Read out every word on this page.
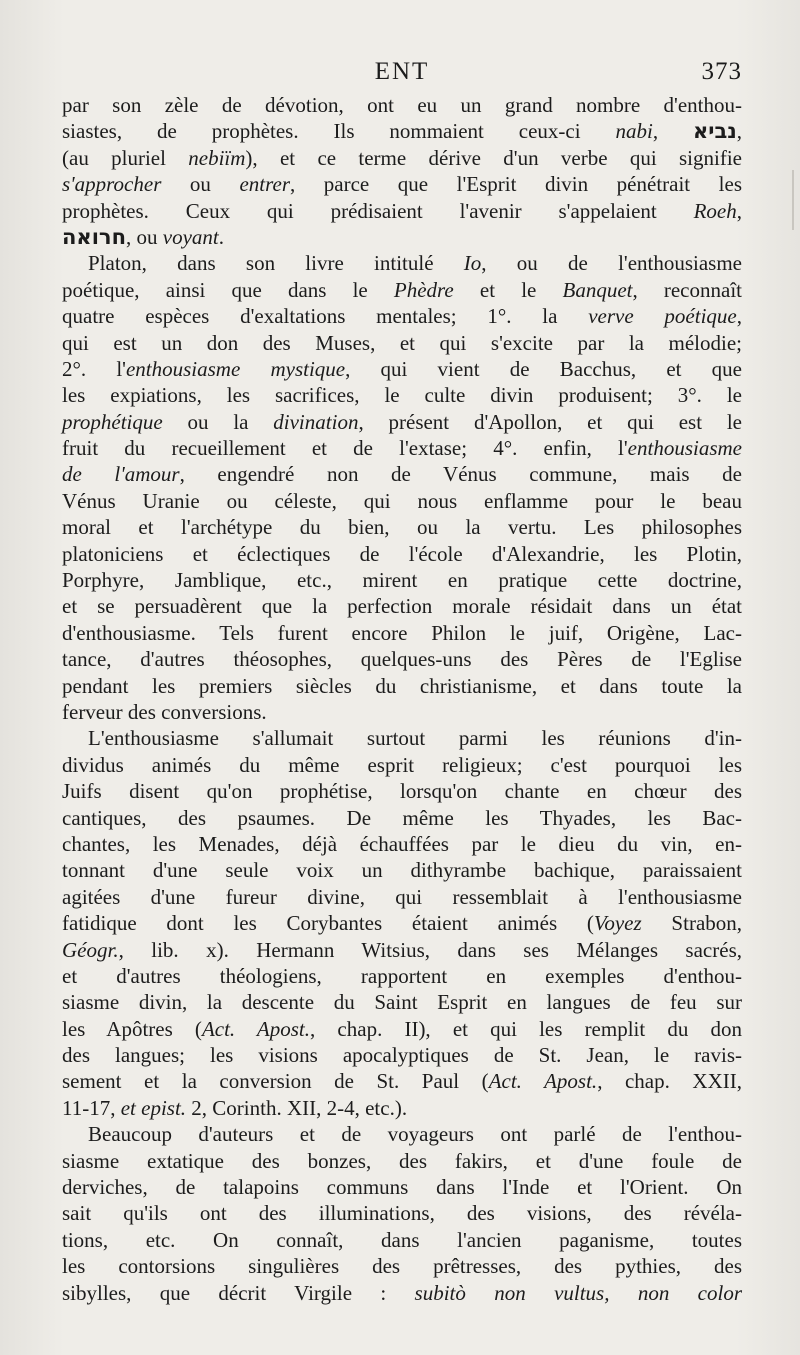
ENT	373
par son zèle de dévotion, ont eu un grand nombre d'enthou-
siastes, de prophètes. Ils nommaient ceux-ci nabi, נביא,
(au pluriel nebiïm), et ce terme dérive d'un verbe qui signifie
s'approcher ou entrer, parce que l'Esprit divin pénétrait les
prophètes. Ceux qui prédisaient l'avenir s'appelaient Roeh,
חרואה, ou voyant.
Platon, dans son livre intitulé Io, ou de l'enthousiasme
poétique, ainsi que dans le Phèdre et le Banquet, reconnaît
quatre espèces d'exaltations mentales; 1°. la verve poétique,
qui est un don des Muses, et qui s'excite par la mélodie;
2°. l'enthousiasme mystique, qui vient de Bacchus, et que
les expiations, les sacrifices, le culte divin produisent; 3°. le
prophétique ou la divination, présent d'Apollon, et qui est le
fruit du recueillement et de l'extase; 4°. enfin, l'enthousiasme
de l'amour, engendré non de Vénus commune, mais de
Vénus Uranie ou céleste, qui nous enflamme pour le beau
moral et l'archétype du bien, ou la vertu. Les philosophes
platoniciens et éclectiques de l'école d'Alexandrie, les Plotin,
Porphyre, Jamblique, etc., mirent en pratique cette doctrine,
et se persuadèrent que la perfection morale résidait dans un état
d'enthousiasme. Tels furent encore Philon le juif, Origène, Lac-
tance, d'autres théosophes, quelques-uns des Pères de l'Eglise
pendant les premiers siècles du christianisme, et dans toute la
ferveur des conversions.
L'enthousiasme s'allumait surtout parmi les réunions d'in-
dividus animés du même esprit religieux; c'est pourquoi les
Juifs disent qu'on prophétise, lorsqu'on chante en chœur des
cantiques, des psaumes. De même les Thyades, les Bac-
chantes, les Menades, déjà échauffées par le dieu du vin, en-
tonnant d'une seule voix un dithyrambe bachique, paraissaient
agitées d'une fureur divine, qui ressemblait à l'enthousiasme
fatidique dont les Corybantes étaient animés (Voyez Strabon,
Géogr., lib. x). Hermann Witsius, dans ses Mélanges sacrés,
et d'autres théologiens, rapportent en exemples d'enthou-
siasme divin, la descente du Saint Esprit en langues de feu sur
les Apôtres (Act. Apost., chap. II), et qui les remplit du don
des langues; les visions apocalyptiques de St. Jean, le ravis-
sement et la conversion de St. Paul (Act. Apost., chap. XXII,
11-17, et epist. 2, Corinth. XII, 2-4, etc.).
Beaucoup d'auteurs et de voyageurs ont parlé de l'enthou-
siasme extatique des bonzes, des fakirs, et d'une foule de
derviches, de talapoins communs dans l'Inde et l'Orient. On
sait qu'ils ont des illuminations, des visions, des révéla-
tions, etc. On connaît, dans l'ancien paganisme, toutes
les contorsions singulières des prêtresses, des pythies, des
sibylles, que décrit Virgile : subitò non vultus, non color
